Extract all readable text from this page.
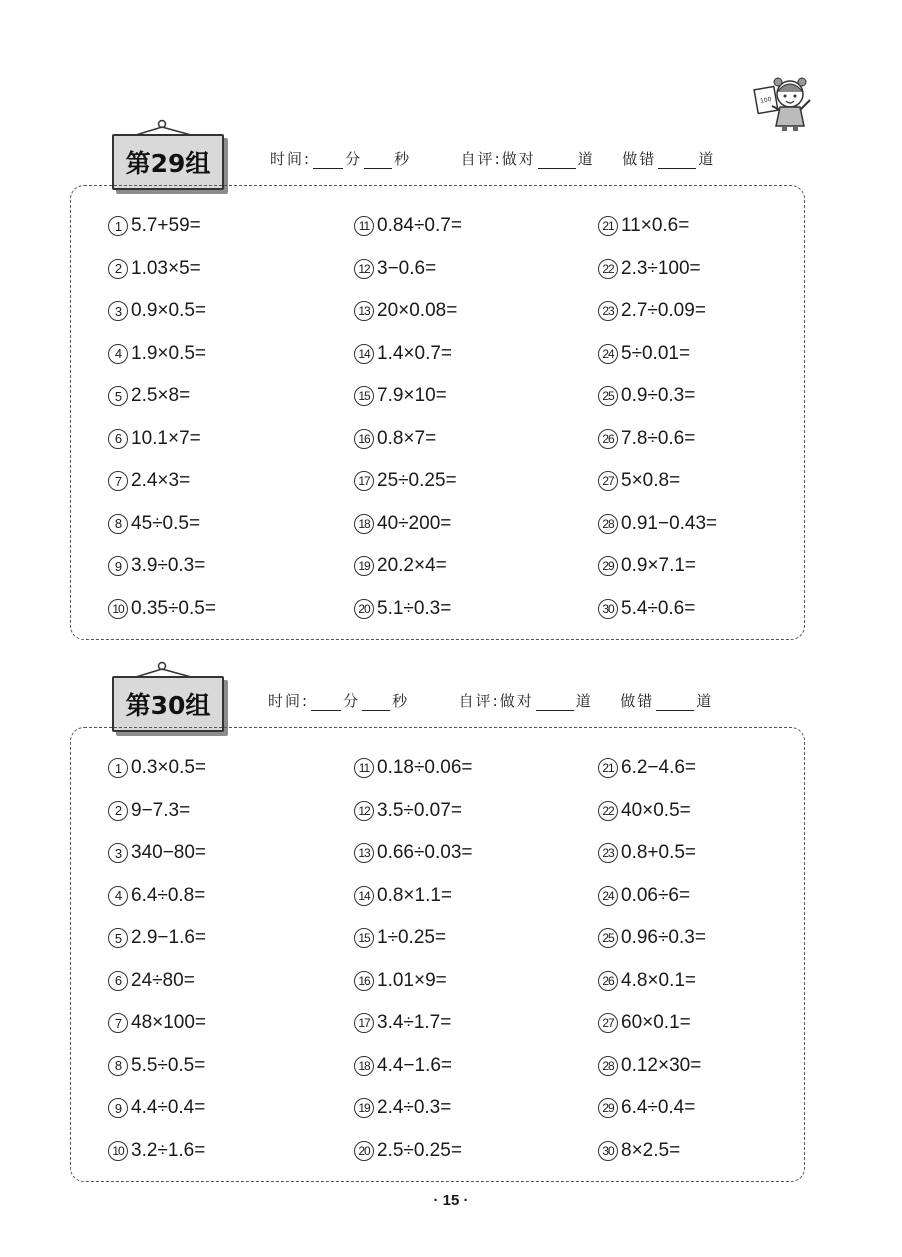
100
第29组	时间: 分 秒	自评:做对	道 做错	道
1 5.7+59=
2 1.03×5=
3 0.9×0.5=
4 1.9×0.5=
5 2.5×8=
6 10.1×7=
7 2.4×3=
8 45÷0.5=
9 3.9÷0.3=
10 0.35÷0.5=
11 0.84÷0.7=
12 3−0.6=
13 20×0.08=
14 1.4×0.7=
15 7.9×10=
16 0.8×7=
17 25÷0.25=
18 40÷200=
19 20.2×4=
20 5.1÷0.3=
21 11×0.6=
22 2.3÷100=
23 2.7÷0.09=
24 5÷0.01=
25 0.9÷0.3=
26 7.8÷0.6=
27 5×0.8=
28 0.91−0.43=
29 0.9×7.1=
30 5.4÷0.6=
第30组	时间: 分 秒	自评:做对	道 做错	道
1 0.3×0.5=
2 9−7.3=
3 340−80=
4 6.4÷0.8=
5 2.9−1.6=
6 24÷80=
7 48×100=
8 5.5÷0.5=
9 4.4÷0.4=
10 3.2÷1.6=
11 0.18÷0.06=
12 3.5÷0.07=
13 0.66÷0.03=
14 0.8×1.1=
15 1÷0.25=
16 1.01×9=
17 3.4÷1.7=
18 4.4−1.6=
19 2.4÷0.3=
20 2.5÷0.25=
21 6.2−4.6=
22 40×0.5=
23 0.8+0.5=
24 0.06÷6=
25 0.96÷0.3=
26 4.8×0.1=
27 60×0.1=
28 0.12×30=
29 6.4÷0.4=
30 8×2.5=
· 15 ·
